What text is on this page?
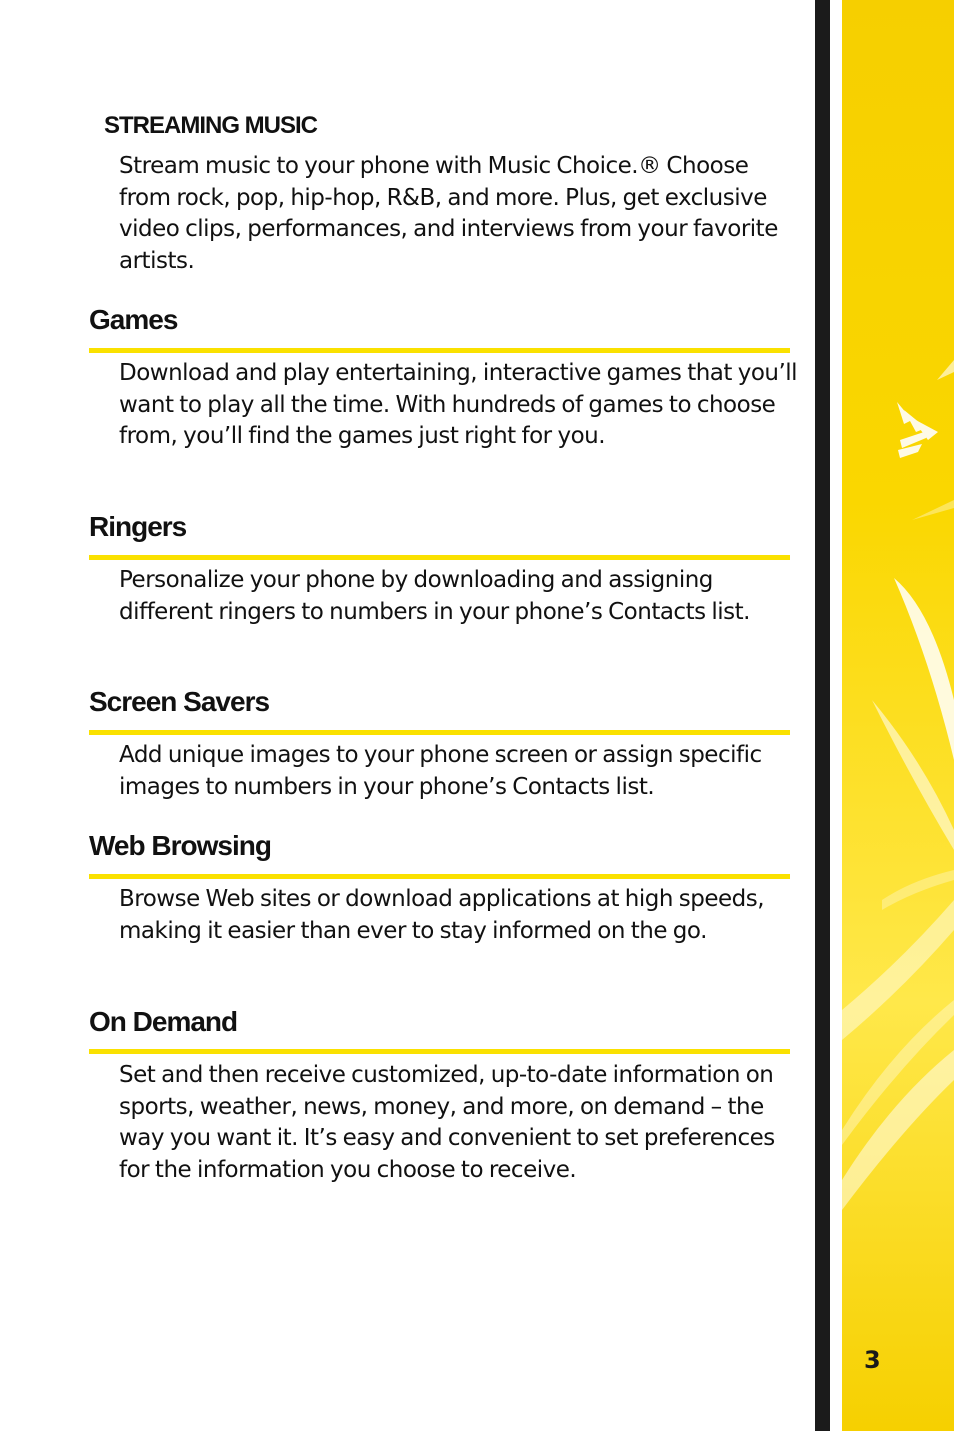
3
STREAMING MUSIC
Stream music to your phone with Music Choice.® Choose from rock, pop, hip-hop, R&B, and more. Plus, get exclusive video clips, performances, and interviews from your favorite artists.
Games
Download and play entertaining, interactive games that you’ll want to play all the time. With hundreds of games to choose from, you’ll find the games just right for you.
Ringers
Personalize your phone by downloading and assigning different ringers to numbers in your phone’s Contacts list.
Screen Savers
Add unique images to your phone screen or assign specific images to numbers in your phone’s Contacts list.
Web Browsing
Browse Web sites or download applications at high speeds, making it easier than ever to stay informed on the go.
On Demand
Set and then receive customized, up-to-date information on sports, weather, news, money, and more, on demand – the way you want it. It’s easy and convenient to set preferences for the information you choose to receive.
